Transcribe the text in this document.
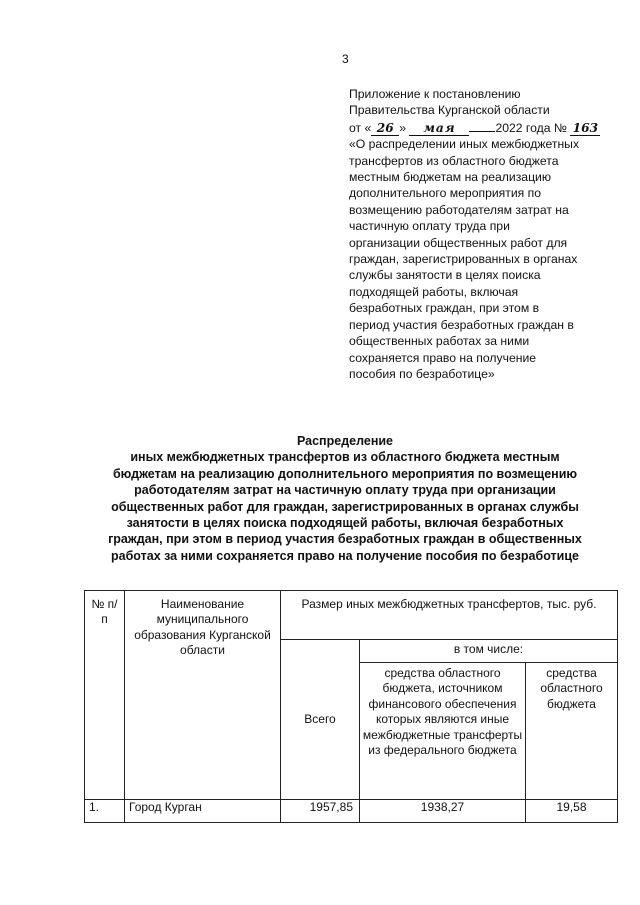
3
Приложение к постановлению
Правительства Курганской области
от « 26 » мая	2022 года № 163
«О распределении иных межбюджетных
трансфертов из областного бюджета
местным бюджетам на реализацию
дополнительного мероприятия по
возмещению работодателям затрат на
частичную оплату труда при
организации общественных работ для
граждан, зарегистрированных в органах
службы занятости в целях поиска
подходящей работы, включая
безработных граждан, при этом в
период участия безработных граждан в
общественных работах за ними
сохраняется право на получение
пособия по безработице»
Распределение
иных межбюджетных трансфертов из областного бюджета местным
бюджетам на реализацию дополнительного мероприятия по возмещению
работодателям затрат на частичную оплату труда при организации
общественных работ для граждан, зарегистрированных в органах службы
занятости в целях поиска подходящей работы, включая безработных
граждан, при этом в период участия безработных граждан в общественных
работах за ними сохраняется право на получение пособия по безработице
№ п/п	Наименование муниципального образования Курганской области	Размер иных межбюджетных трансфертов, тыс. руб.		
		Всего	в том числе:	
			средства областного бюджета, источником финансового обеспечения которых являются иные межбюджетные трансферты из федерального бюджета	средства областного бюджета
1.	Город Курган	1957,85	1938,27	19,58
